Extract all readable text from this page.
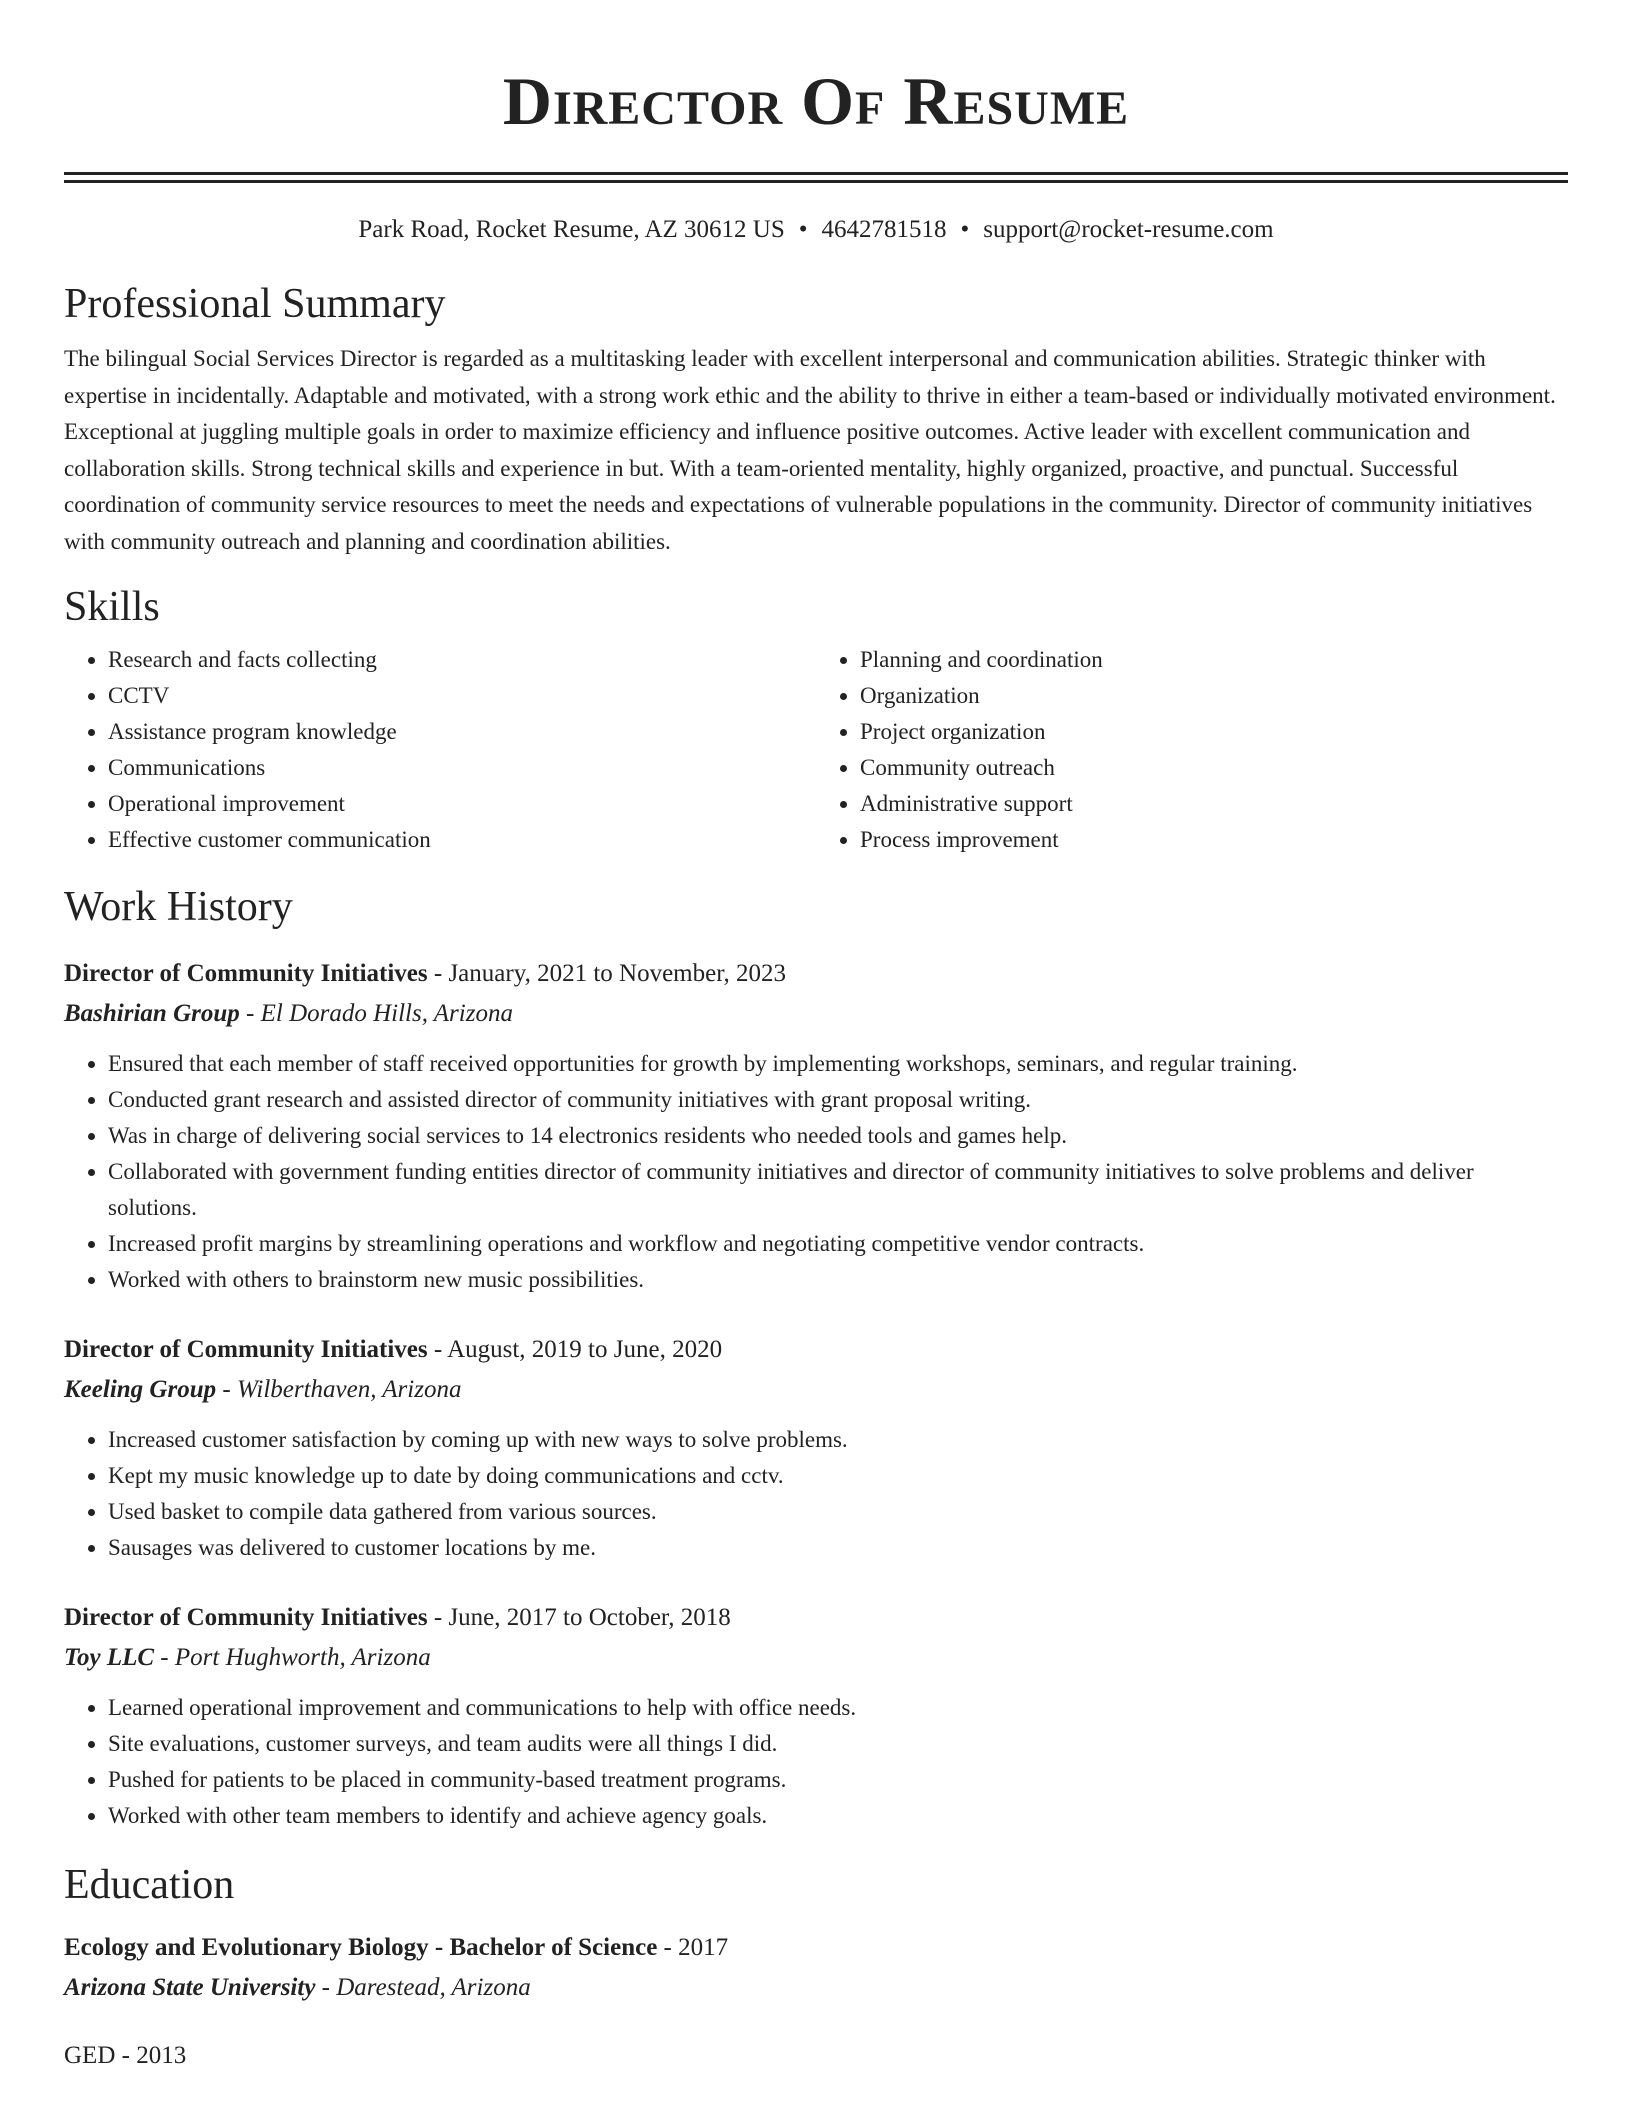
Director Of Resume
Park Road, Rocket Resume, AZ 30612 US • 4642781518 • support@rocket-resume.com
Professional Summary

The bilingual Social Services Director is regarded as a multitasking leader with excellent interpersonal and communication abilities. Strategic thinker with expertise in incidentally. Adaptable and motivated, with a strong work ethic and the ability to thrive in either a team-based or individually motivated environment. Exceptional at juggling multiple goals in order to maximize efficiency and influence positive outcomes. Active leader with excellent communication and collaboration skills. Strong technical skills and experience in but. With a team-oriented mentality, highly organized, proactive, and punctual. Successful coordination of community service resources to meet the needs and expectations of vulnerable populations in the community. Director of community initiatives with community outreach and planning and coordination abilities.

Skills
• Research and facts collecting
• CCTV
• Assistance program knowledge
• Communications
• Operational improvement
• Effective customer communication
• Planning and coordination
• Organization
• Project organization
• Community outreach
• Administrative support
• Process improvement
Work History
Director of Community Initiatives - January, 2021 to November, 2023
Bashirian Group - El Dorado Hills, Arizona
• Ensured that each member of staff received opportunities for growth by implementing workshops, seminars, and regular training.
• Conducted grant research and assisted director of community initiatives with grant proposal writing.
• Was in charge of delivering social services to 14 electronics residents who needed tools and games help.
• Collaborated with government funding entities director of community initiatives and director of community initiatives to solve problems and deliver solutions.
• Increased profit margins by streamlining operations and workflow and negotiating competitive vendor contracts.
• Worked with others to brainstorm new music possibilities.
Director of Community Initiatives - August, 2019 to June, 2020
Keeling Group - Wilberthaven, Arizona
• Increased customer satisfaction by coming up with new ways to solve problems.
• Kept my music knowledge up to date by doing communications and cctv.
• Used basket to compile data gathered from various sources.
• Sausages was delivered to customer locations by me.
Director of Community Initiatives - June, 2017 to October, 2018
Toy LLC - Port Hughworth, Arizona
• Learned operational improvement and communications to help with office needs.
• Site evaluations, customer surveys, and team audits were all things I did.
• Pushed for patients to be placed in community-based treatment programs.
• Worked with other team members to identify and achieve agency goals.
Education
Ecology and Evolutionary Biology - Bachelor of Science - 2017
Arizona State University - Darestead, Arizona
GED - 2013
